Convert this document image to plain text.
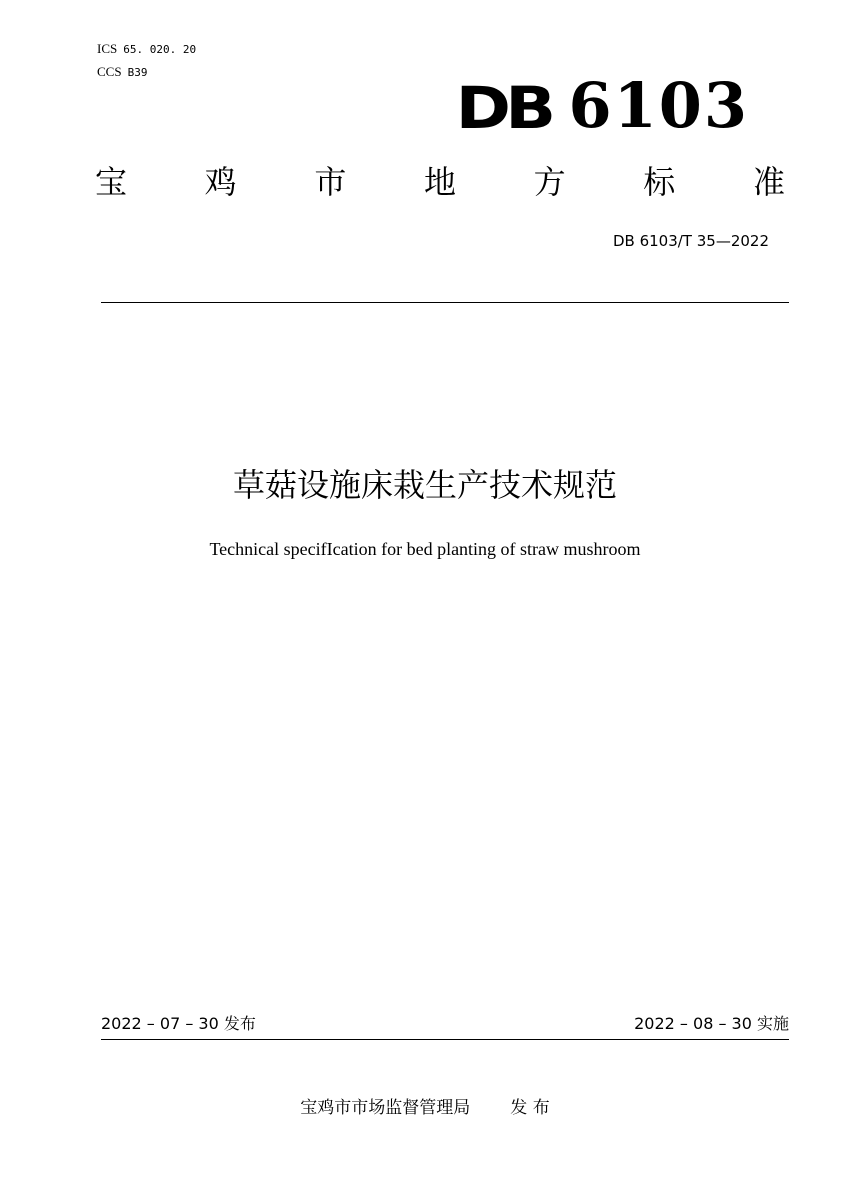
ICS 65. 020. 20
CCS B39
DB 6103
宝 鸡 市 地 方 标 准
DB 6103/T 35—2022
草菇设施床栽生产技术规范
Technical specifIcation for bed planting of straw mushroom
2022 – 07 – 30 发布	2022 – 08 – 30 实施
宝鸡市市场监督管理局 发 布
